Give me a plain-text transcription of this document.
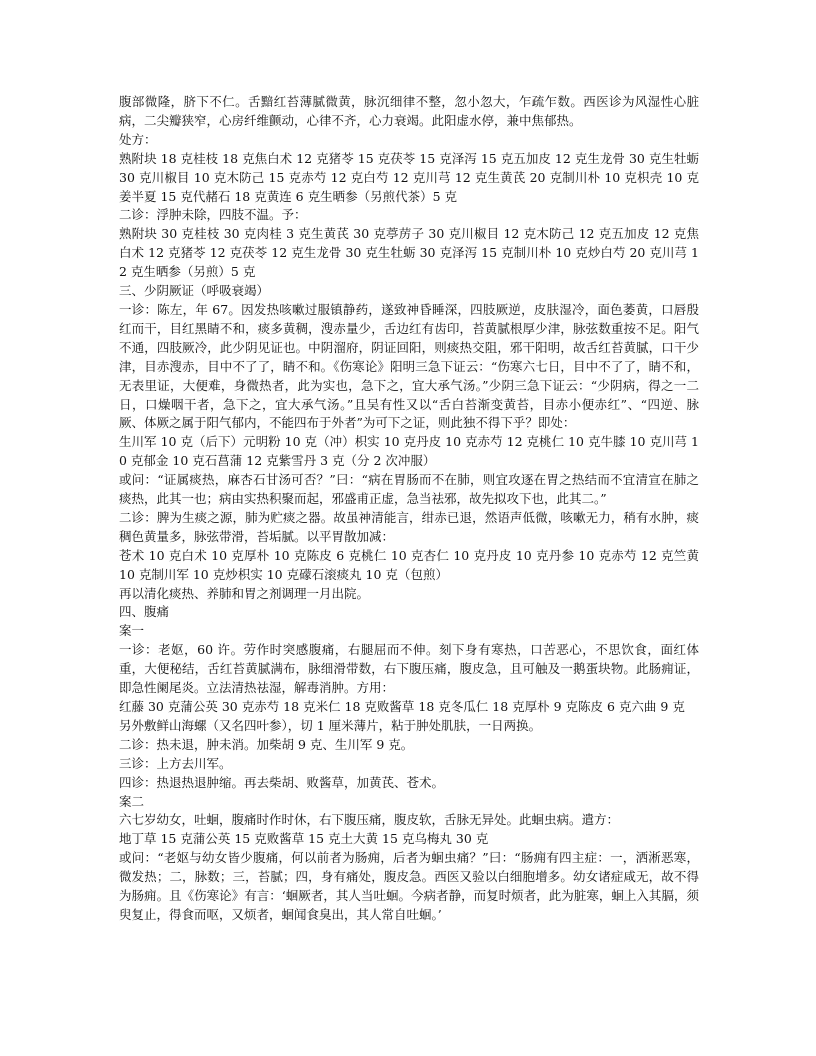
腹部微隆，脐下不仁。舌黯红苔薄腻微黄，脉沉细律不整，忽小忽大，乍疏乍数。西医诊为风湿性心脏病，二尖瓣狭窄，心房纤维颤动，心律不齐，心力衰竭。此阳虚水停，兼中焦郁热。

处方：

熟附块 18 克桂枝 18 克焦白术 12 克猪苓 15 克茯苓 15 克泽泻 15 克五加皮 12 克生龙骨 30 克生牡蛎 30 克川椒目 10 克木防己 15 克赤芍 12 克白芍 12 克川芎 12 克生黄芪 20 克制川朴 10 克枳壳 10 克姜半夏 15 克代赭石 18 克黄连 6 克生晒参（另煎代茶）5 克

二诊：浮肿未除，四肢不温。予：

熟附块 30 克桂枝 30 克肉桂 3 克生黄芪 30 克葶苈子 30 克川椒目 12 克木防己 12 克五加皮 12 克焦白术 12 克猪苓 12 克茯苓 12 克生龙骨 30 克生牡蛎 30 克泽泻 15 克制川朴 10 克炒白芍 20 克川芎 12 克生晒参（另煎）5 克

三、少阴厥证（呼吸衰竭）

一诊：陈左，年 67。因发热咳嗽过服镇静药，遂致神昏睡深，四肢厥逆，皮肤湿冷，面色萎黄，口唇殷红而干，目红黑睛不和，痰多黄稠，溲赤量少，舌边红有齿印，苔黄腻根厚少津，脉弦数重按不足。阳气不通，四肢厥冷，此少阴见证也。中阴溜府，阴证回阳，则痰热交阻，邪干阳明，故舌红苔黄腻，口干少津，目赤溲赤，目中不了了，睛不和。《伤寒论》阳明三急下证云：“伤寒六七日，目中不了了，睛不和，无表里证，大便难，身微热者，此为实也，急下之，宜大承气汤。”少阴三急下证云：“少阴病，得之一二日，口燥咽干者，急下之，宜大承气汤。”且吴有性又以“舌白苔渐变黄苔，目赤小便赤红”、“四逆、脉厥、体厥之属于阳气郁内，不能四布于外者”为可下之证，则此独不得下乎？即处：

生川军 10 克（后下）元明粉 10 克（冲）枳实 10 克丹皮 10 克赤芍 12 克桃仁 10 克牛膝 10 克川芎 10 克郁金 10 克石菖蒲 12 克紫雪丹 3 克（分 2 次冲服）

或问：“证属痰热，麻杏石甘汤可否？”曰：“病在胃肠而不在肺，则宜攻逐在胃之热结而不宜清宣在肺之痰热，此其一也；病由实热积聚而起，邪盛甫正虚，急当祛邪，故先拟攻下也，此其二。”

二诊：脾为生痰之源，肺为贮痰之器。故虽神清能言，绀赤已退，然语声低微，咳嗽无力，稍有水肿，痰稠色黄量多，脉弦带滑，苔垢腻。以平胃散加减：

苍术 10 克白术 10 克厚朴 10 克陈皮 6 克桃仁 10 克杏仁 10 克丹皮 10 克丹参 10 克赤芍 12 克竺黄 10 克制川军 10 克炒枳实 10 克礞石滚痰丸 10 克（包煎）

再以清化痰热、养肺和胃之剂调理一月出院。

四、腹痛

案一

一诊：老妪，60 许。劳作时突感腹痛，右腿屈而不伸。刻下身有寒热，口苦恶心，不思饮食，面红体重，大便秘结，舌红苔黄腻满布，脉细滑带数，右下腹压痛，腹皮急，且可触及一鹅蛋块物。此肠痈证，即急性阑尾炎。立法清热祛湿，解毒消肿。方用：

红藤 30 克蒲公英 30 克赤芍 18 克米仁 18 克败酱草 18 克冬瓜仁 18 克厚朴 9 克陈皮 6 克六曲 9 克

另外敷鲜山海螺（又名四叶参），切 1 厘米薄片，粘于肿处肌肤，一日两换。

二诊：热未退，肿未消。加柴胡 9 克、生川军 9 克。

三诊：上方去川军。

四诊：热退热退肿缩。再去柴胡、败酱草，加黄芪、苍术。

案二

六七岁幼女，吐蛔，腹痛时作时休，右下腹压痛，腹皮软，舌脉无异处。此蛔虫病。遣方：

地丁草 15 克蒲公英 15 克败酱草 15 克土大黄 15 克乌梅丸 30 克

或问：“老妪与幼女皆少腹痛，何以前者为肠痈，后者为蛔虫痛？”曰：“肠痈有四主症：一，洒淅恶寒，微发热；二，脉数；三，苔腻；四，身有痛处，腹皮急。西医又验以白细胞增多。幼女诸症咸无，故不得为肠痈。且《伤寒论》有言：‘蛔厥者，其人当吐蛔。今病者静，而复时烦者，此为脏寒，蛔上入其膈，须臾复止，得食而呕，又烦者，蛔闻食臭出，其人常自吐蛔。’
